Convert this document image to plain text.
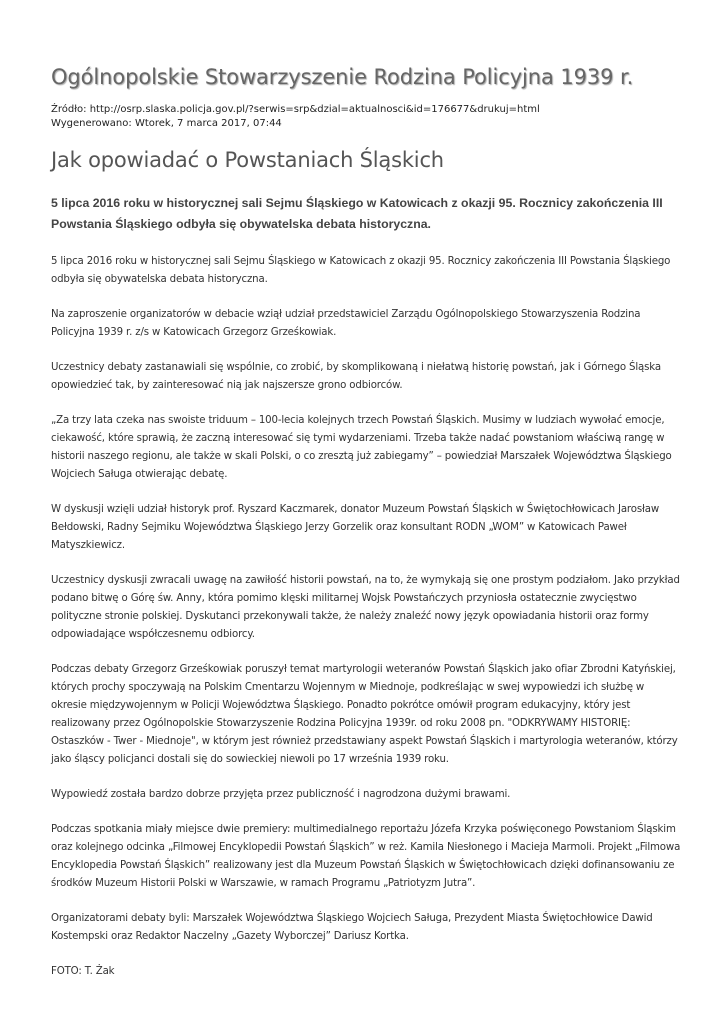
Ogólnopolskie Stowarzyszenie Rodzina Policyjna 1939 r.
Źródło: http://osrp.slaska.policja.gov.pl/?serwis=srp&dzial=aktualnosci&id=176677&drukuj=html
Wygenerowano: Wtorek, 7 marca 2017, 07:44
Jak opowiadać o Powstaniach Śląskich

5 lipca 2016 roku w historycznej sali Sejmu Śląskiego w Katowicach z okazji 95. Rocznicy zakończenia III Powstania Śląskiego odbyła się obywatelska debata historyczna.

5 lipca 2016 roku w historycznej sali Sejmu Śląskiego w Katowicach z okazji 95. Rocznicy zakończenia III Powstania Śląskiego odbyła się obywatelska debata historyczna.

Na zaproszenie organizatorów w debacie wziął udział przedstawiciel Zarządu Ogólnopolskiego Stowarzyszenia Rodzina Policyjna 1939 r. z/s w Katowicach Grzegorz Grześkowiak.

Uczestnicy debaty zastanawiali się wspólnie, co zrobić, by skomplikowaną i niełatwą historię powstań, jak i Górnego Śląska opowiedzieć tak, by zainteresować nią jak najszersze grono odbiorców.

„Za trzy lata czeka nas swoiste triduum – 100-lecia kolejnych trzech Powstań Śląskich. Musimy w ludziach wywołać emocje, ciekawość, które sprawią, że zaczną interesować się tymi wydarzeniami. Trzeba także nadać powstaniom właściwą rangę w historii naszego regionu, ale także w skali Polski, o co zresztą już zabiegamy” – powiedział Marszałek Województwa Śląskiego Wojciech Saługa otwierając debatę.

W dyskusji wzięli udział historyk prof. Ryszard Kaczmarek, donator Muzeum Powstań Śląskich w Świętochłowicach Jarosław Bełdowski, Radny Sejmiku Województwa Śląskiego Jerzy Gorzelik oraz konsultant RODN „WOM” w Katowicach Paweł Matyszkiewicz.

Uczestnicy dyskusji zwracali uwagę na zawiłość historii powstań, na to, że wymykają się one prostym podziałom. Jako przykład podano bitwę o Górę św. Anny, która pomimo klęski militarnej Wojsk Powstańczych przyniosła ostatecznie zwycięstwo polityczne stronie polskiej. Dyskutanci przekonywali także, że należy znaleźć nowy język opowiadania historii oraz formy odpowiadające współczesnemu odbiorcy.

Podczas debaty Grzegorz Grześkowiak poruszył temat martyrologii weteranów Powstań Śląskich jako ofiar Zbrodni Katyńskiej, których prochy spoczywają na Polskim Cmentarzu Wojennym w Miednoje, podkreślając w swej wypowiedzi ich służbę w okresie międzywojennym w Policji Województwa Śląskiego. Ponadto pokrótce omówił program edukacyjny, który jest realizowany przez Ogólnopolskie Stowarzyszenie Rodzina Policyjna 1939r. od roku 2008 pn. "ODKRYWAMY HISTORIĘ: Ostaszków - Twer - Miednoje", w którym jest również przedstawiany aspekt Powstań Śląskich i martyrologia weteranów, którzy jako śląscy policjanci dostali się do sowieckiej niewoli po 17 września 1939 roku.

Wypowiedź została bardzo dobrze przyjęta przez publiczność i nagrodzona dużymi brawami.

Podczas spotkania miały miejsce dwie premiery: multimedialnego reportażu Józefa Krzyka poświęconego Powstaniom Śląskim oraz kolejnego odcinka „Filmowej Encyklopedii Powstań Śląskich” w reż. Kamila Niesłonego i Macieja Marmoli. Projekt „Filmowa Encyklopedia Powstań Śląskich” realizowany jest dla Muzeum Powstań Śląskich w Świętochłowicach dzięki dofinansowaniu ze środków Muzeum Historii Polski w Warszawie, w ramach Programu „Patriotyzm Jutra”.

Organizatorami debaty byli: Marszałek Województwa Śląskiego Wojciech Saługa, Prezydent Miasta Świętochłowice Dawid Kostempski oraz Redaktor Naczelny „Gazety Wyborczej” Dariusz Kortka.

FOTO: T. Żak
